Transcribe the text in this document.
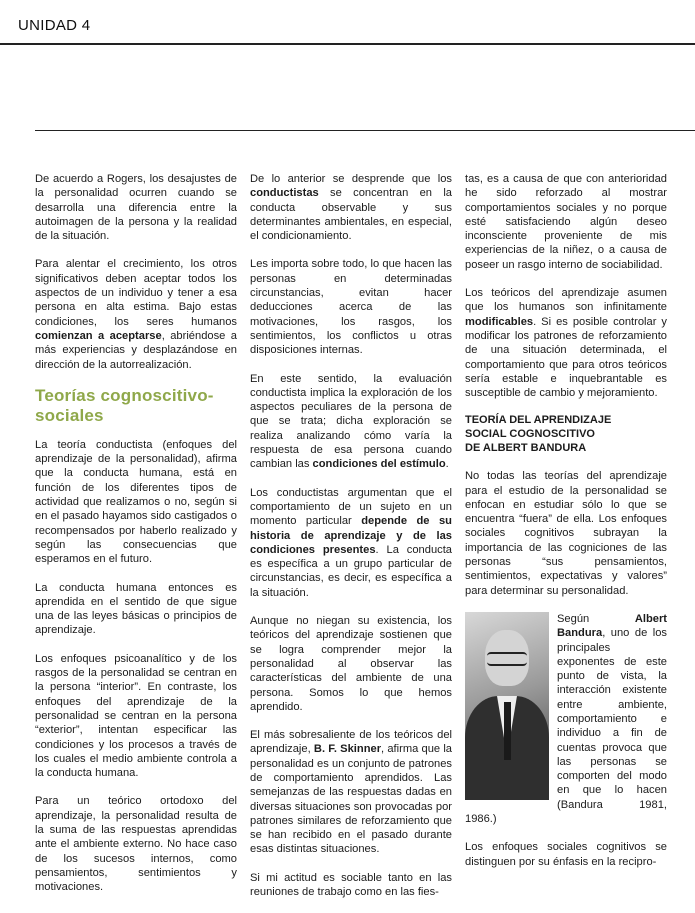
UNIDAD 4

De acuerdo a Rogers, los desajustes de la personalidad ocurren cuando se desarrolla una diferencia entre la autoimagen de la persona y la realidad de la situación.

Para alentar el crecimiento, los otros significativos deben aceptar todos los aspectos de un individuo y tener a esa persona en alta estima. Bajo estas condiciones, los seres humanos comienzan a aceptarse, abriéndose a más experiencias y desplazándose en dirección de la autorrealización.

Teorías cognoscitivo-sociales

La teoría conductista (enfoques del aprendizaje de la personalidad), afirma que la conducta humana, está en función de los diferentes tipos de actividad que realizamos o no, según si en el pasado hayamos sido castigados o recompensados por haberlo realizado y según las consecuencias que esperamos en el futuro.

La conducta humana entonces es aprendida en el sentido de que sigue una de las leyes básicas o principios de aprendizaje.

Los enfoques psicoanalítico y de los rasgos de la personalidad se centran en la persona “interior”. En contraste, los enfoques del aprendizaje de la personalidad se centran en la persona “exterior”, intentan especificar las condiciones y los procesos a través de los cuales el medio ambiente controla a la conducta humana.

Para un teórico ortodoxo del aprendizaje, la personalidad resulta de la suma de las respuestas aprendidas ante el ambiente externo. No hace caso de los sucesos internos, como pensamientos, sentimientos y motivaciones.

De lo anterior se desprende que los conductistas se concentran en la conducta observable y sus determinantes ambientales, en especial, el condicionamiento.

Les importa sobre todo, lo que hacen las personas en determinadas circunstancias, evitan hacer deducciones acerca de las motivaciones, los rasgos, los sentimientos, los conflictos u otras disposiciones internas.

En este sentido, la evaluación conductista implica la exploración de los aspectos peculiares de la persona de que se trata; dicha exploración se realiza analizando cómo varía la respuesta de esa persona cuando cambian las condiciones del estímulo.

Los conductistas argumentan que el comportamiento de un sujeto en un momento particular depende de su historia de aprendizaje y de las condiciones presentes. La conducta es específica a un grupo particular de circunstancias, es decir, es específica a la situación.

Aunque no niegan su existencia, los teóricos del aprendizaje sostienen que se logra comprender mejor la personalidad al observar las características del ambiente de una persona. Somos lo que hemos aprendido.

El más sobresaliente de los teóricos del aprendizaje, B. F. Skinner, afirma que la personalidad es un conjunto de patrones de comportamiento aprendidos. Las semejanzas de las respuestas dadas en diversas situaciones son provocadas por patrones similares de reforzamiento que se han recibido en el pasado durante esas distintas situaciones.

Si mi actitud es sociable tanto en las reuniones de trabajo como en las fies-

tas, es a causa de que con anterioridad he sido reforzado al mostrar comportamientos sociales y no porque esté satisfaciendo algún deseo inconsciente proveniente de mis experiencias de la niñez, o a causa de poseer un rasgo interno de sociabilidad.

Los teóricos del aprendizaje asumen que los humanos son infinitamente modificables. Si es posible controlar y modificar los patrones de reforzamiento de una situación determinada, el comportamiento que para otros teóricos sería estable e inquebrantable es susceptible de cambio y mejoramiento.

TEORÍA DEL APRENDIZAJE
SOCIAL COGNOSCITIVO
DE ALBERT BANDURA

No todas las teorías del aprendizaje para el estudio de la personalidad se enfocan en estudiar sólo lo que se encuentra “fuera” de ella. Los enfoques sociales cognitivos subrayan la importancia de las cogniciones de las personas “sus pensamientos, sentimientos, expectativas y valores” para determinar su personalidad.

Según Albert Bandura, uno de los principales exponentes de este punto de vista, la interacción existente entre ambiente, comportamiento e individuo a fin de cuentas provoca que las personas se comporten del modo en que lo hacen (Bandura 1981, 1986.)

Los enfoques sociales cognitivos se distinguen por su énfasis en la recipro-
